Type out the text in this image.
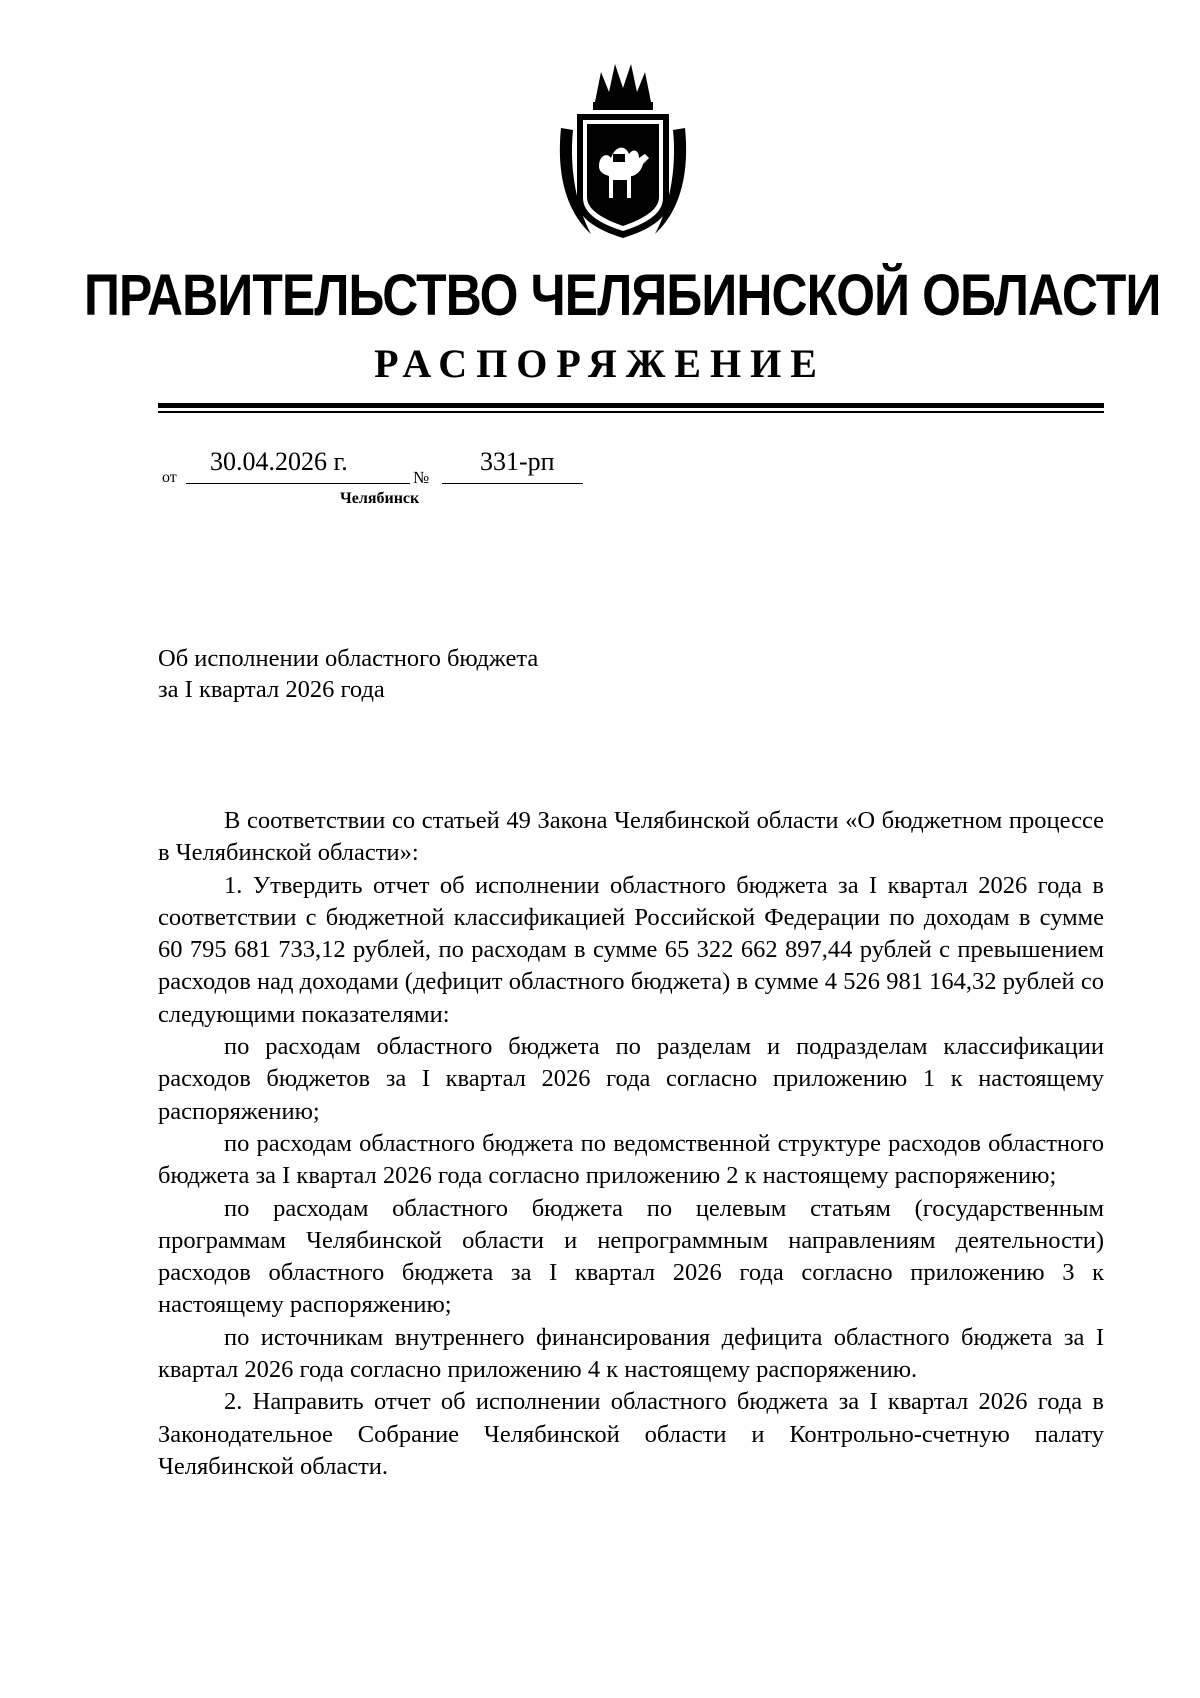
ПРАВИТЕЛЬСТВО ЧЕЛЯБИНСКОЙ ОБЛАСТИ
РАСПОРЯЖЕНИЕ
от
30.04.2026 г.
№
331-рп
Челябинск
Об исполнении областного бюджета
за I квартал 2026 года

В соответствии со статьей 49 Закона Челябинской области «О бюджетном процессе в Челябинской области»:

1. Утвердить отчет об исполнении областного бюджета за I квартал 2026 года в соответствии с бюджетной классификацией Российской Федерации по доходам в сумме 60 795 681 733,12 рублей, по расходам в сумме 65 322 662 897,44 рублей с превышением расходов над доходами (дефицит областного бюджета) в сумме 4 526 981 164,32 рублей со следующими показателями:

по расходам областного бюджета по разделам и подразделам классификации расходов бюджетов за I квартал 2026 года согласно приложению 1 к настоящему распоряжению;

по расходам областного бюджета по ведомственной структуре расходов областного бюджета за I квартал 2026 года согласно приложению 2 к настоящему распоряжению;

по расходам областного бюджета по целевым статьям (государственным программам Челябинской области и непрограммным направлениям деятельности) расходов областного бюджета за I квартал 2026 года согласно приложению 3 к настоящему распоряжению;

по источникам внутреннего финансирования дефицита областного бюджета за I квартал 2026 года согласно приложению 4 к настоящему распоряжению.

2. Направить отчет об исполнении областного бюджета за I квартал 2026 года в Законодательное Собрание Челябинской области и Контрольно-счетную палату Челябинской области.
